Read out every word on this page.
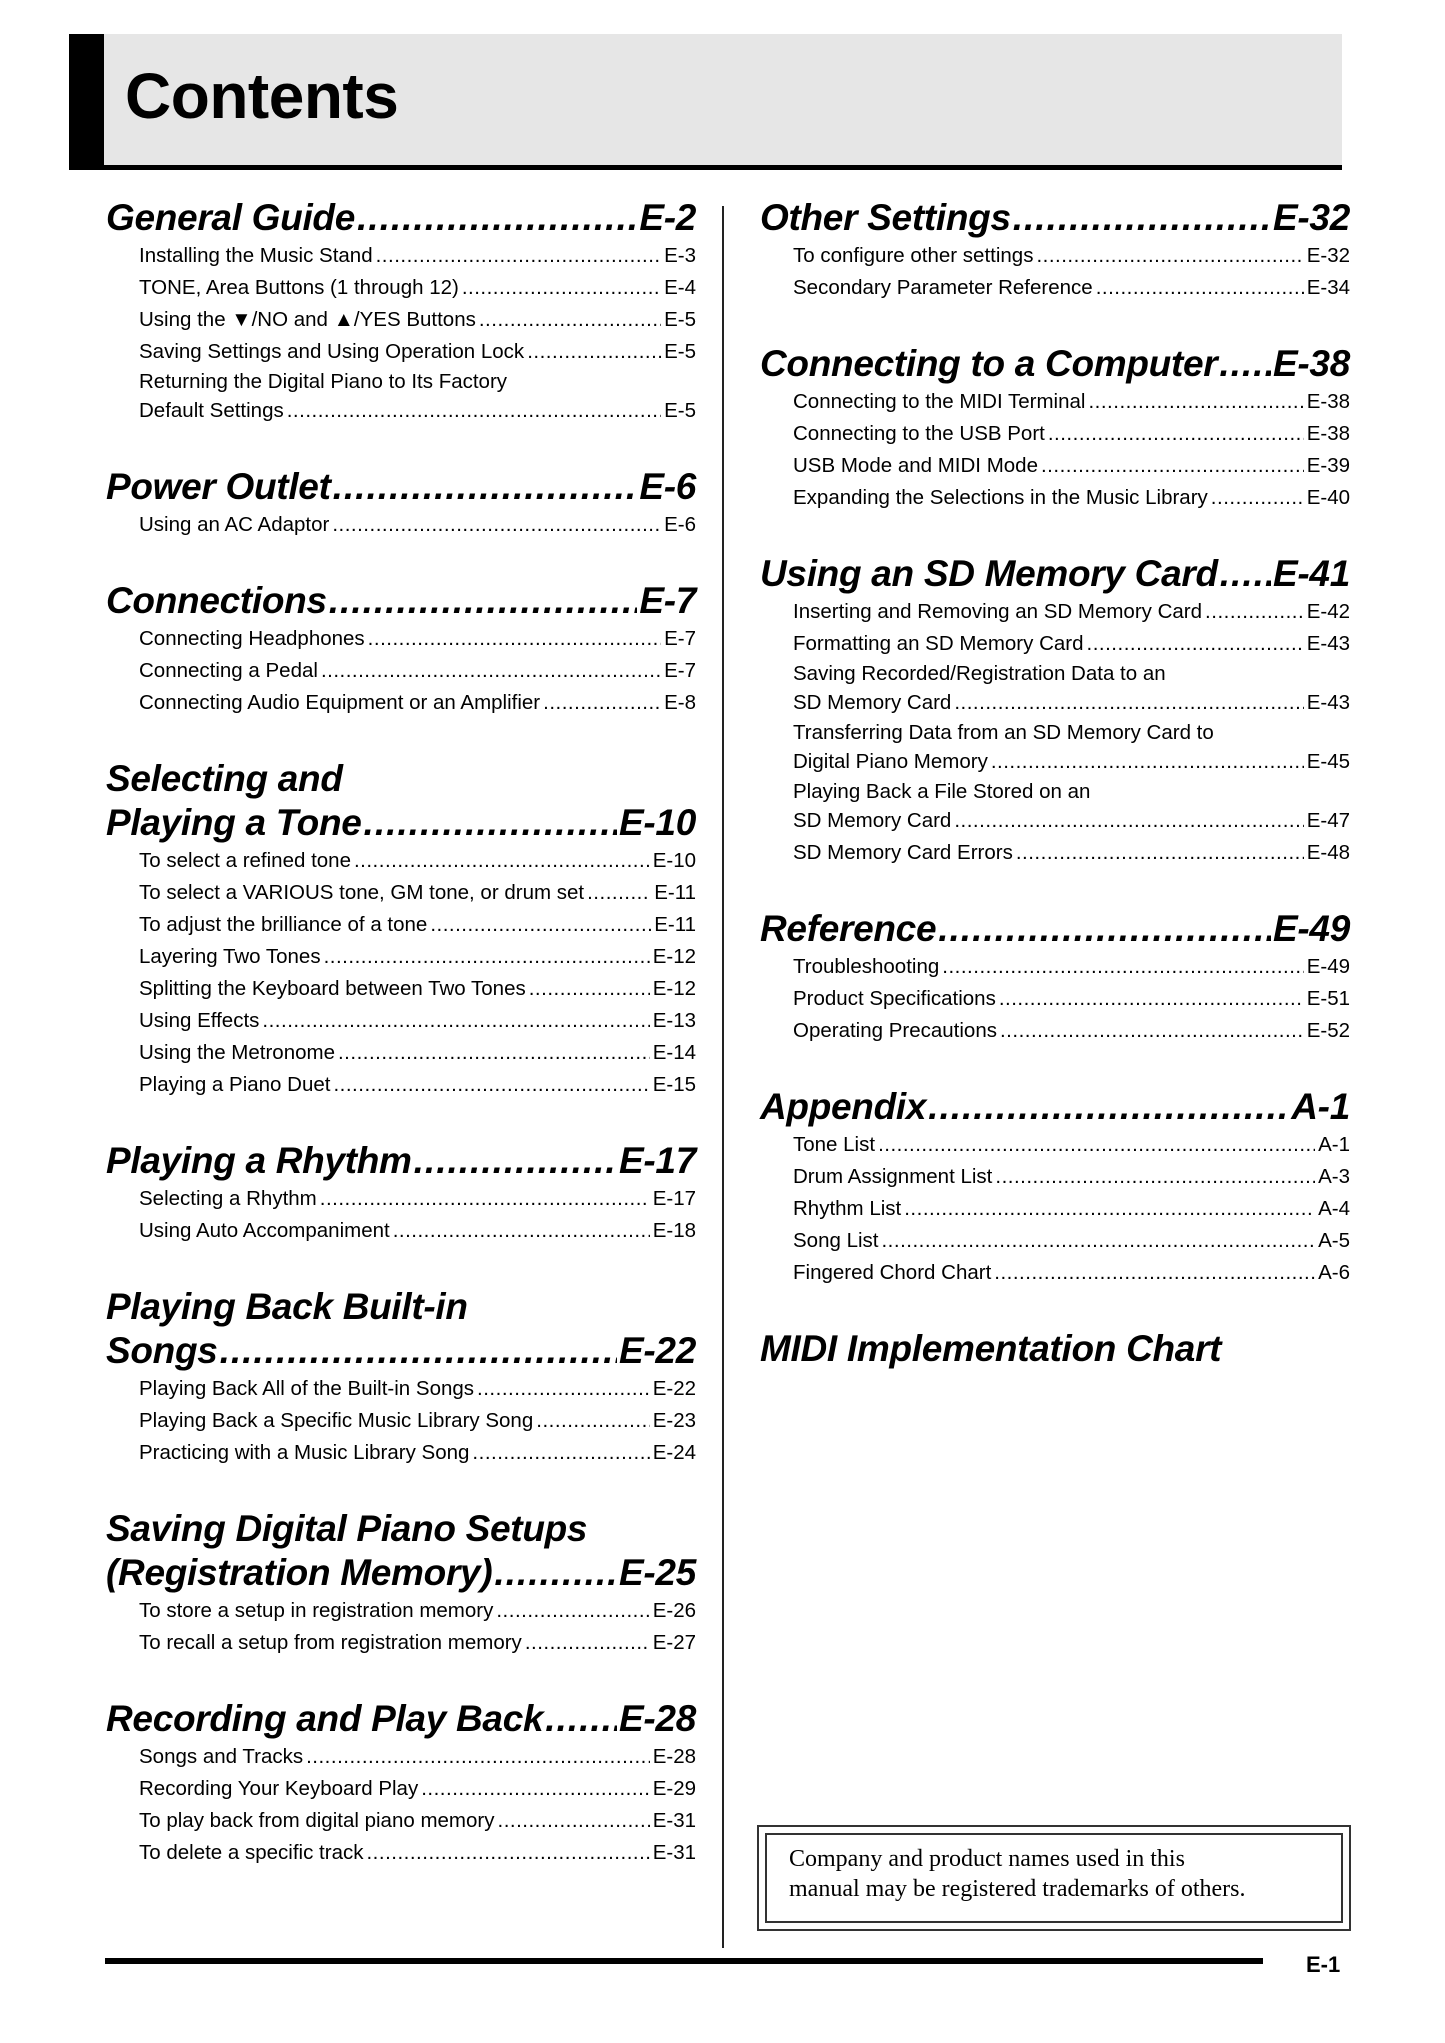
Contents
General Guide .....	E-2
Installing the Music Stand .....	E-3
TONE, Area Buttons (1 through 12) .....	E-4
Using the ▼/NO and ▲/YES Buttons .....	E-5
Saving Settings and Using Operation Lock .....	E-5
Returning the Digital Piano to Its Factory
Default Settings .....	E-5
Power Outlet .....	E-6
Using an AC Adaptor .....	E-6
Connections .....	E-7
Connecting Headphones .....	E-7
Connecting a Pedal .....	E-7
Connecting Audio Equipment or an Amplifier .....	E-8
Selecting and
Playing a Tone .....	E-10
To select a refined tone .....	E-10
To select a VARIOUS tone, GM tone, or drum set .....	E-11
To adjust the brilliance of a tone .....	E-11
Layering Two Tones .....	E-12
Splitting the Keyboard between Two Tones .....	E-12
Using Effects .....	E-13
Using the Metronome .....	E-14
Playing a Piano Duet .....	E-15
Playing a Rhythm .....	E-17
Selecting a Rhythm .....	E-17
Using Auto Accompaniment .....	E-18
Playing Back Built-in
Songs .....	E-22
Playing Back All of the Built-in Songs .....	E-22
Playing Back a Specific Music Library Song .....	E-23
Practicing with a Music Library Song .....	E-24
Saving Digital Piano Setups
(Registration Memory) .....	E-25
To store a setup in registration memory .....	E-26
To recall a setup from registration memory .....	E-27
Recording and Play Back ..... E-28
Songs and Tracks .....	E-28
Recording Your Keyboard Play .....	E-29
To play back from digital piano memory .....	E-31
To delete a specific track .....	E-31
Other Settings .....	E-32
To configure other settings .....	E-32
Secondary Parameter Reference .....	E-34
Connecting to a Computer ..... E-38
Connecting to the MIDI Terminal .....	E-38
Connecting to the USB Port .....	E-38
USB Mode and MIDI Mode .....	E-39
Expanding the Selections in the Music Library .....	E-40
Using an SD Memory Card ..... E-41
Inserting and Removing an SD Memory Card .....	E-42
Formatting an SD Memory Card .....	E-43
Saving Recorded/Registration Data to an
SD Memory Card .....	E-43
Transferring Data from an SD Memory Card to
Digital Piano Memory .....	E-45
Playing Back a File Stored on an
SD Memory Card .....	E-47
SD Memory Card Errors .....	E-48
Reference .....	E-49
Troubleshooting .....	E-49
Product Specifications .....	E-51
Operating Precautions .....	E-52
Appendix .....	A-1
Tone List .....	A-1
Drum Assignment List .....	A-3
Rhythm List .....	A-4
Song List .....	A-5
Fingered Chord Chart .....	A-6
MIDI Implementation Chart
Company and product names used in this
manual may be registered trademarks of others.
E-1
